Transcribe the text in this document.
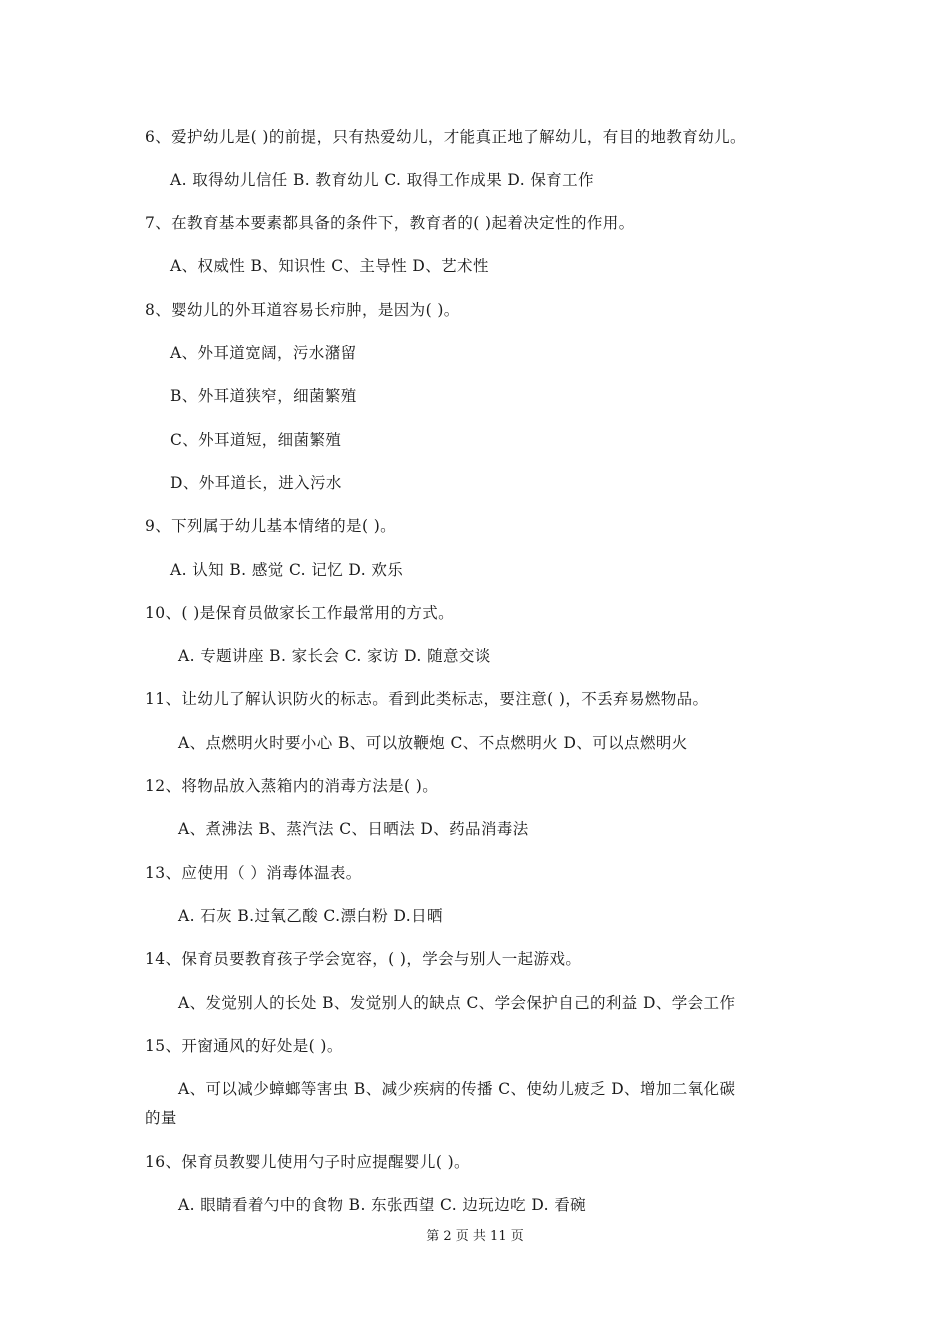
6、爱护幼儿是( )的前提，只有热爱幼儿，才能真正地了解幼儿，有目的地教育幼儿。
A. 取得幼儿信任 B. 教育幼儿 C. 取得工作成果 D. 保育工作
7、在教育基本要素都具备的条件下，教育者的( )起着决定性的作用。
A、权威性 B、知识性 C、主导性 D、艺术性
8、婴幼儿的外耳道容易长疖肿，是因为( )。
A、外耳道宽阔，污水潴留
B、外耳道狭窄，细菌繁殖
C、外耳道短，细菌繁殖
D、外耳道长，进入污水
9、下列属于幼儿基本情绪的是( )。
A. 认知 B. 感觉 C. 记忆 D. 欢乐
10、( )是保育员做家长工作最常用的方式。
A. 专题讲座 B. 家长会 C. 家访 D. 随意交谈
11、让幼儿了解认识防火的标志。看到此类标志，要注意( )，不丢弃易燃物品。
A、点燃明火时要小心 B、可以放鞭炮 C、不点燃明火 D、可以点燃明火
12、将物品放入蒸箱内的消毒方法是( )。
A、煮沸法 B、蒸汽法 C、日晒法 D、药品消毒法
13、应使用（ ）消毒体温表。
A. 石灰 B.过氧乙酸 C.漂白粉 D.日晒
14、保育员要教育孩子学会宽容，( )，学会与别人一起游戏。
A、发觉别人的长处 B、发觉别人的缺点 C、学会保护自己的利益 D、学会工作
15、开窗通风的好处是( )。
A、可以减少蟑螂等害虫 B、减少疾病的传播 C、使幼儿疲乏 D、增加二氧化碳
的量
16、保育员教婴儿使用勺子时应提醒婴儿( )。
A. 眼睛看着勺中的食物 B. 东张西望 C. 边玩边吃 D. 看碗
第 2 页 共 11 页
